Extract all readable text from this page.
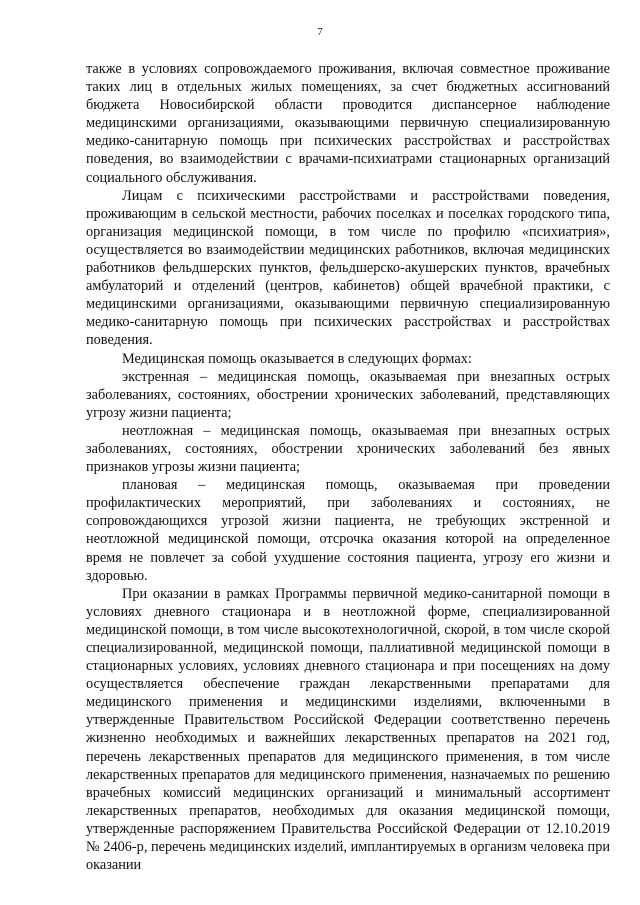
7

также в условиях сопровождаемого проживания, включая совместное проживание таких лиц в отдельных жилых помещениях, за счет бюджетных ассигнований бюджета Новосибирской области проводится диспансерное наблюдение медицинскими организациями, оказывающими первичную специализированную медико-санитарную помощь при психических расстройствах и расстройствах поведения, во взаимодействии с врачами-психиатрами стационарных организаций социального обслуживания.

Лицам с психическими расстройствами и расстройствами поведения, проживающим в сельской местности, рабочих поселках и поселках городского типа, организация медицинской помощи, в том числе по профилю «психиатрия», осуществляется во взаимодействии медицинских работников, включая медицинских работников фельдшерских пунктов, фельдшерско-акушерских пунктов, врачебных амбулаторий и отделений (центров, кабинетов) общей врачебной практики, с медицинскими организациями, оказывающими первичную специализированную медико-санитарную помощь при психических расстройствах и расстройствах поведения.

Медицинская помощь оказывается в следующих формах:

экстренная – медицинская помощь, оказываемая при внезапных острых заболеваниях, состояниях, обострении хронических заболеваний, представляющих угрозу жизни пациента;

неотложная – медицинская помощь, оказываемая при внезапных острых заболеваниях, состояниях, обострении хронических заболеваний без явных признаков угрозы жизни пациента;

плановая – медицинская помощь, оказываемая при проведении профилактических мероприятий, при заболеваниях и состояниях, не сопровождающихся угрозой жизни пациента, не требующих экстренной и неотложной медицинской помощи, отсрочка оказания которой на определенное время не повлечет за собой ухудшение состояния пациента, угрозу его жизни и здоровью.

При оказании в рамках Программы первичной медико-санитарной помощи в условиях дневного стационара и в неотложной форме, специализированной медицинской помощи, в том числе высокотехнологичной, скорой, в том числе скорой специализированной, медицинской помощи, паллиативной медицинской помощи в стационарных условиях, условиях дневного стационара и при посещениях на дому осуществляется обеспечение граждан лекарственными препаратами для медицинского применения и медицинскими изделиями, включенными в утвержденные Правительством Российской Федерации соответственно перечень жизненно необходимых и важнейших лекарственных препаратов на 2021 год, перечень лекарственных препаратов для медицинского применения, в том числе лекарственных препаратов для медицинского применения, назначаемых по решению врачебных комиссий медицинских организаций и минимальный ассортимент лекарственных препаратов, необходимых для оказания медицинской помощи, утвержденные распоряжением Правительства Российской Федерации от 12.10.2019 № 2406-р, перечень медицинских изделий, имплантируемых в организм человека при оказании
